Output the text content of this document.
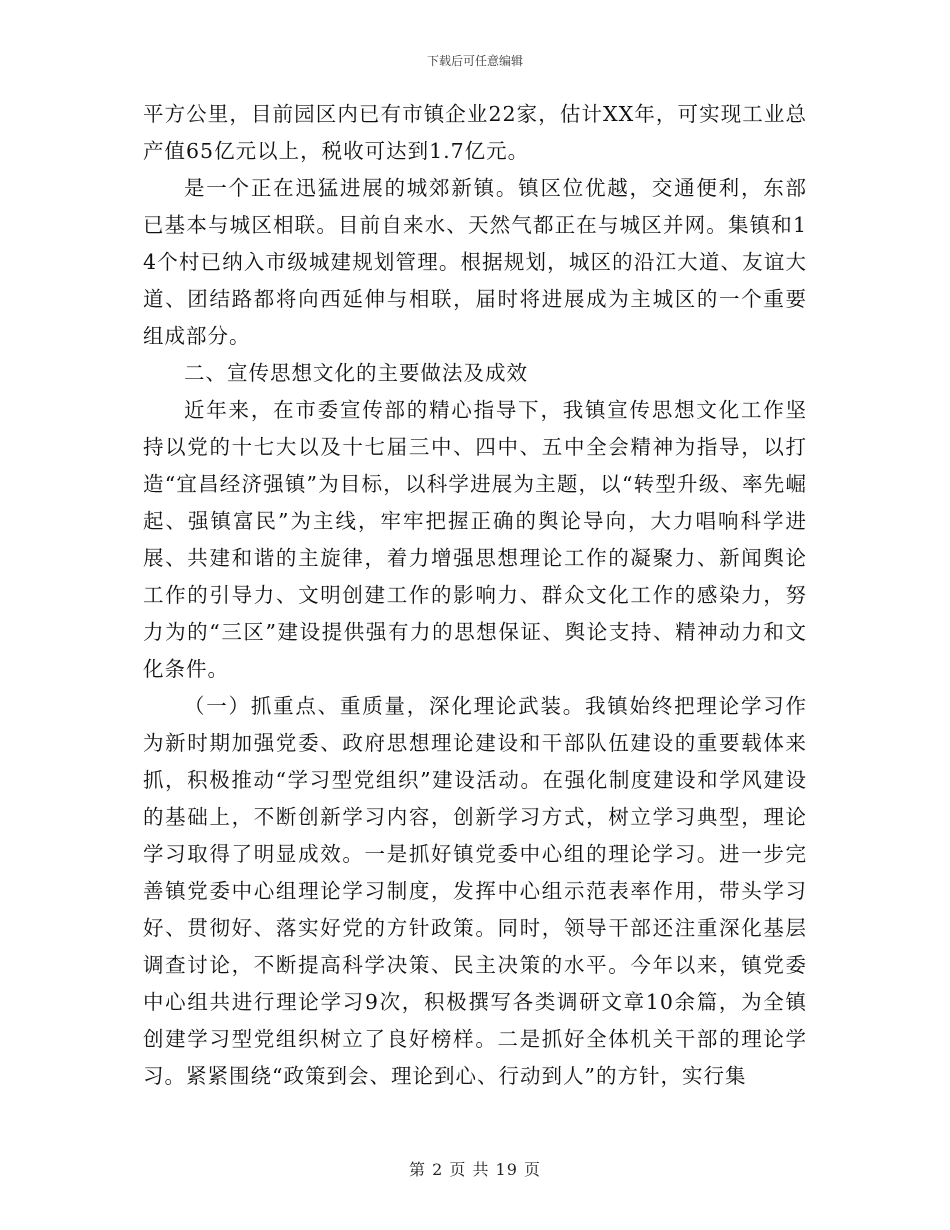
下载后可任意编辑

平方公里，目前园区内已有市镇企业22家，估计XX年，可实现工业总产值65亿元以上，税收可达到1.7亿元。

是一个正在迅猛进展的城郊新镇。镇区位优越，交通便利，东部已基本与城区相联。目前自来水、天然气都正在与城区并网。集镇和14个村已纳入市级城建规划管理。根据规划，城区的沿江大道、友谊大道、团结路都将向西延伸与相联，届时将进展成为主城区的一个重要组成部分。

二、宣传思想文化的主要做法及成效

近年来，在市委宣传部的精心指导下，我镇宣传思想文化工作坚持以党的十七大以及十七届三中、四中、五中全会精神为指导，以打造“宜昌经济强镇”为目标，以科学进展为主题，以“转型升级、率先崛起、强镇富民”为主线，牢牢把握正确的舆论导向，大力唱响科学进展、共建和谐的主旋律，着力增强思想理论工作的凝聚力、新闻舆论工作的引导力、文明创建工作的影响力、群众文化工作的感染力，努力为的“三区”建设提供强有力的思想保证、舆论支持、精神动力和文化条件。

（一）抓重点、重质量，深化理论武装。我镇始终把理论学习作为新时期加强党委、政府思想理论建设和干部队伍建设的重要载体来抓，积极推动“学习型党组织”建设活动。在强化制度建设和学风建设的基础上，不断创新学习内容，创新学习方式，树立学习典型，理论学习取得了明显成效。一是抓好镇党委中心组的理论学习。进一步完善镇党委中心组理论学习制度，发挥中心组示范表率作用，带头学习好、贯彻好、落实好党的方针政策。同时，领导干部还注重深化基层调查讨论，不断提高科学决策、民主决策的水平。今年以来，镇党委中心组共进行理论学习9次，积极撰写各类调研文章10余篇，为全镇创建学习型党组织树立了良好榜样。二是抓好全体机关干部的理论学习。紧紧围绕“政策到会、理论到心、行动到人”的方针，实行集

第 2 页 共 19 页
